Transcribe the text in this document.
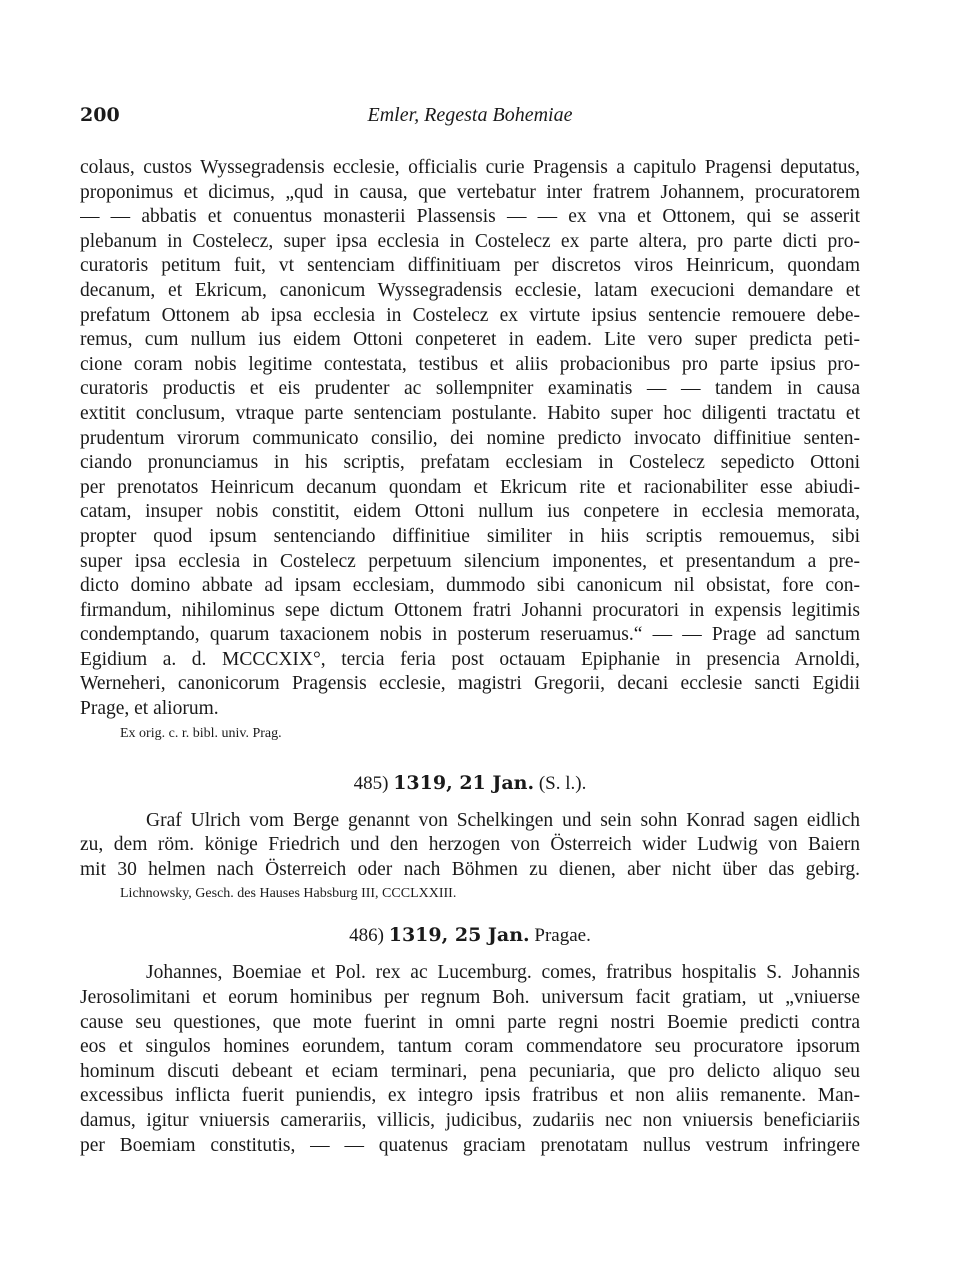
200	Emler, Regesta Bohemiae
colaus, custos Wyssegradensis ecclesie, officialis curie Pragensis a capitulo Pragensi deputatus,
proponimus et dicimus, „qud in causa, que vertebatur inter fratrem Johannem, procuratorem
— — abbatis et conuentus monasterii Plassensis — — ex vna et Ottonem, qui se asserit
plebanum in Costelecz, super ipsa ecclesia in Costelecz ex parte altera, pro parte dicti pro-
curatoris petitum fuit, vt sentenciam diffinitiuam per discretos viros Heinricum, quondam
decanum, et Ekricum, canonicum Wyssegradensis ecclesie, latam execucioni demandare et
prefatum Ottonem ab ipsa ecclesia in Costelecz ex virtute ipsius sentencie remouere debe-
remus, cum nullum ius eidem Ottoni conpeteret in eadem. Lite vero super predicta peti-
cione coram nobis legitime contestata, testibus et aliis probacionibus pro parte ipsius pro-
curatoris productis et eis prudenter ac sollempniter examinatis — — tandem in causa
extitit conclusum, vtraque parte sentenciam postulante. Habito super hoc diligenti tractatu et
prudentum virorum communicato consilio, dei nomine predicto invocato diffinitiue senten-
ciando pronunciamus in his scriptis, prefatam ecclesiam in Costelecz sepedicto Ottoni
per prenotatos Heinricum decanum quondam et Ekricum rite et racionabiliter esse abiudi-
catam, insuper nobis constitit, eidem Ottoni nullum ius conpetere in ecclesia memorata,
propter quod ipsum sentenciando diffinitiue similiter in hiis scriptis remouemus, sibi
super ipsa ecclesia in Costelecz perpetuum silencium imponentes, et presentandum a pre-
dicto domino abbate ad ipsam ecclesiam, dummodo sibi canonicum nil obsistat, fore con-
firmandum, nihilominus sepe dictum Ottonem fratri Johanni procuratori in expensis legitimis
condemptando, quarum taxacionem nobis in posterum reseruamus.“ — — Prage ad sanctum
Egidium a. d. MCCCXIX°, tercia feria post octauam Epiphanie in presencia Arnoldi,
Werneheri, canonicorum Pragensis ecclesie, magistri Gregorii, decani ecclesie sancti Egidii
Prage, et aliorum.
Ex orig. c. r. bibl. univ. Prag.
485) 1319, 21 Jan. (S. l.).
Graf Ulrich vom Berge genannt von Schelkingen und sein sohn Konrad sagen eidlich
zu, dem röm. könige Friedrich und den herzogen von Österreich wider Ludwig von Baiern
mit 30 helmen nach Österreich oder nach Böhmen zu dienen, aber nicht über das gebirg.
Lichnowsky, Gesch. des Hauses Habsburg III, CCCLXXIII.
486) 1319, 25 Jan. Pragae.
Johannes, Boemiae et Pol. rex ac Lucemburg. comes, fratribus hospitalis S. Johannis
Jerosolimitani et eorum hominibus per regnum Boh. universum facit gratiam, ut „vniuerse
cause seu questiones, que mote fuerint in omni parte regni nostri Boemie predicti contra
eos et singulos homines eorundem, tantum coram commendatore seu procuratore ipsorum
hominum discuti debeant et eciam terminari, pena pecuniaria, que pro delicto aliquo seu
excessibus inflicta fuerit puniendis, ex integro ipsis fratribus et non aliis remanente. Man-
damus, igitur vniuersis camerariis, villicis, judicibus, zudariis nec non vniuersis beneficiariis
per Boemiam constitutis, — — quatenus graciam prenotatam nullus vestrum infringere
